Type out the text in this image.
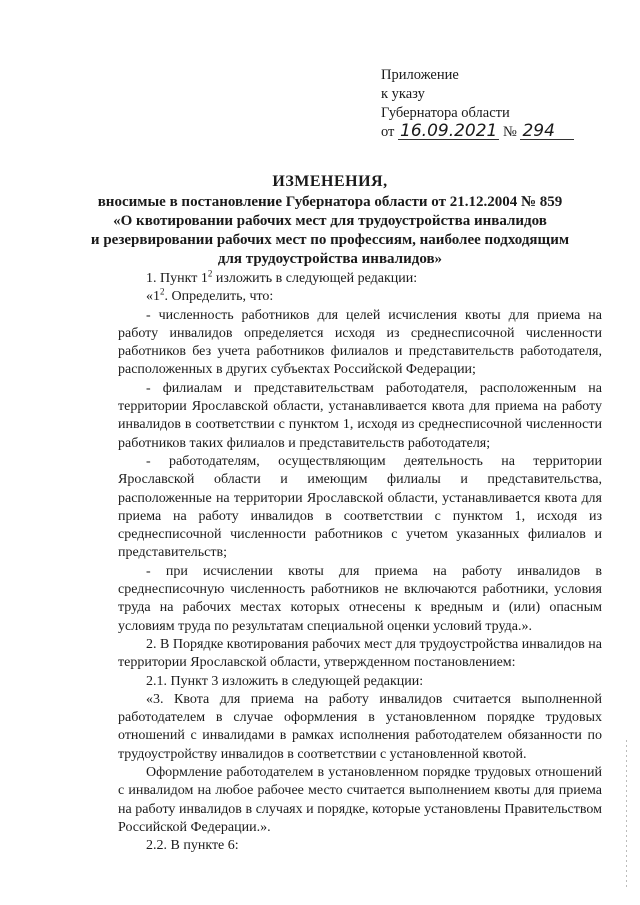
Приложение
к указу
Губернатора области
от 16.09.2021 № 294
ИЗМЕНЕНИЯ,
вносимые в постановление Губернатора области от 21.12.2004 № 859
«О квотировании рабочих мест для трудоустройства инвалидов
и резервировании рабочих мест по профессиям, наиболее подходящим
для трудоустройства инвалидов»

1. Пункт $1^2$ изложить в следующей редакции:

«$1^2$. Определить, что:

- численность работников для целей исчисления квоты для приема на работу инвалидов определяется исходя из среднесписочной численности работников без учета работников филиалов и представительств работодателя, расположенных в других субъектах Российской Федерации;

- филиалам и представительствам работодателя, расположенным на территории Ярославской области, устанавливается квота для приема на работу инвалидов в соответствии с пунктом 1, исходя из среднесписочной численности работников таких филиалов и представительств работодателя;

- работодателям, осуществляющим деятельность на территории Ярославской области и имеющим филиалы и представительства, расположенные на территории Ярославской области, устанавливается квота для приема на работу инвалидов в соответствии с пунктом 1, исходя из среднесписочной численности работников с учетом указанных филиалов и представительств;

- при исчислении квоты для приема на работу инвалидов в среднесписочную численность работников не включаются работники, условия труда на рабочих местах которых отнесены к вредным и (или) опасным условиям труда по результатам специальной оценки условий труда.».

2. В Порядке квотирования рабочих мест для трудоустройства инвалидов на территории Ярославской области, утвержденном постановлением:

2.1. Пункт 3 изложить в следующей редакции:

«3. Квота для приема на работу инвалидов считается выполненной работодателем в случае оформления в установленном порядке трудовых отношений с инвалидами в рамках исполнения работодателем обязанности по трудоустройству инвалидов в соответствии с установленной квотой.

Оформление работодателем в установленном порядке трудовых отношений с инвалидом на любое рабочее место считается выполнением квоты для приема на работу инвалидов в случаях и порядке, которые установлены Правительством Российской Федерации.».

2.2. В пункте 6:
